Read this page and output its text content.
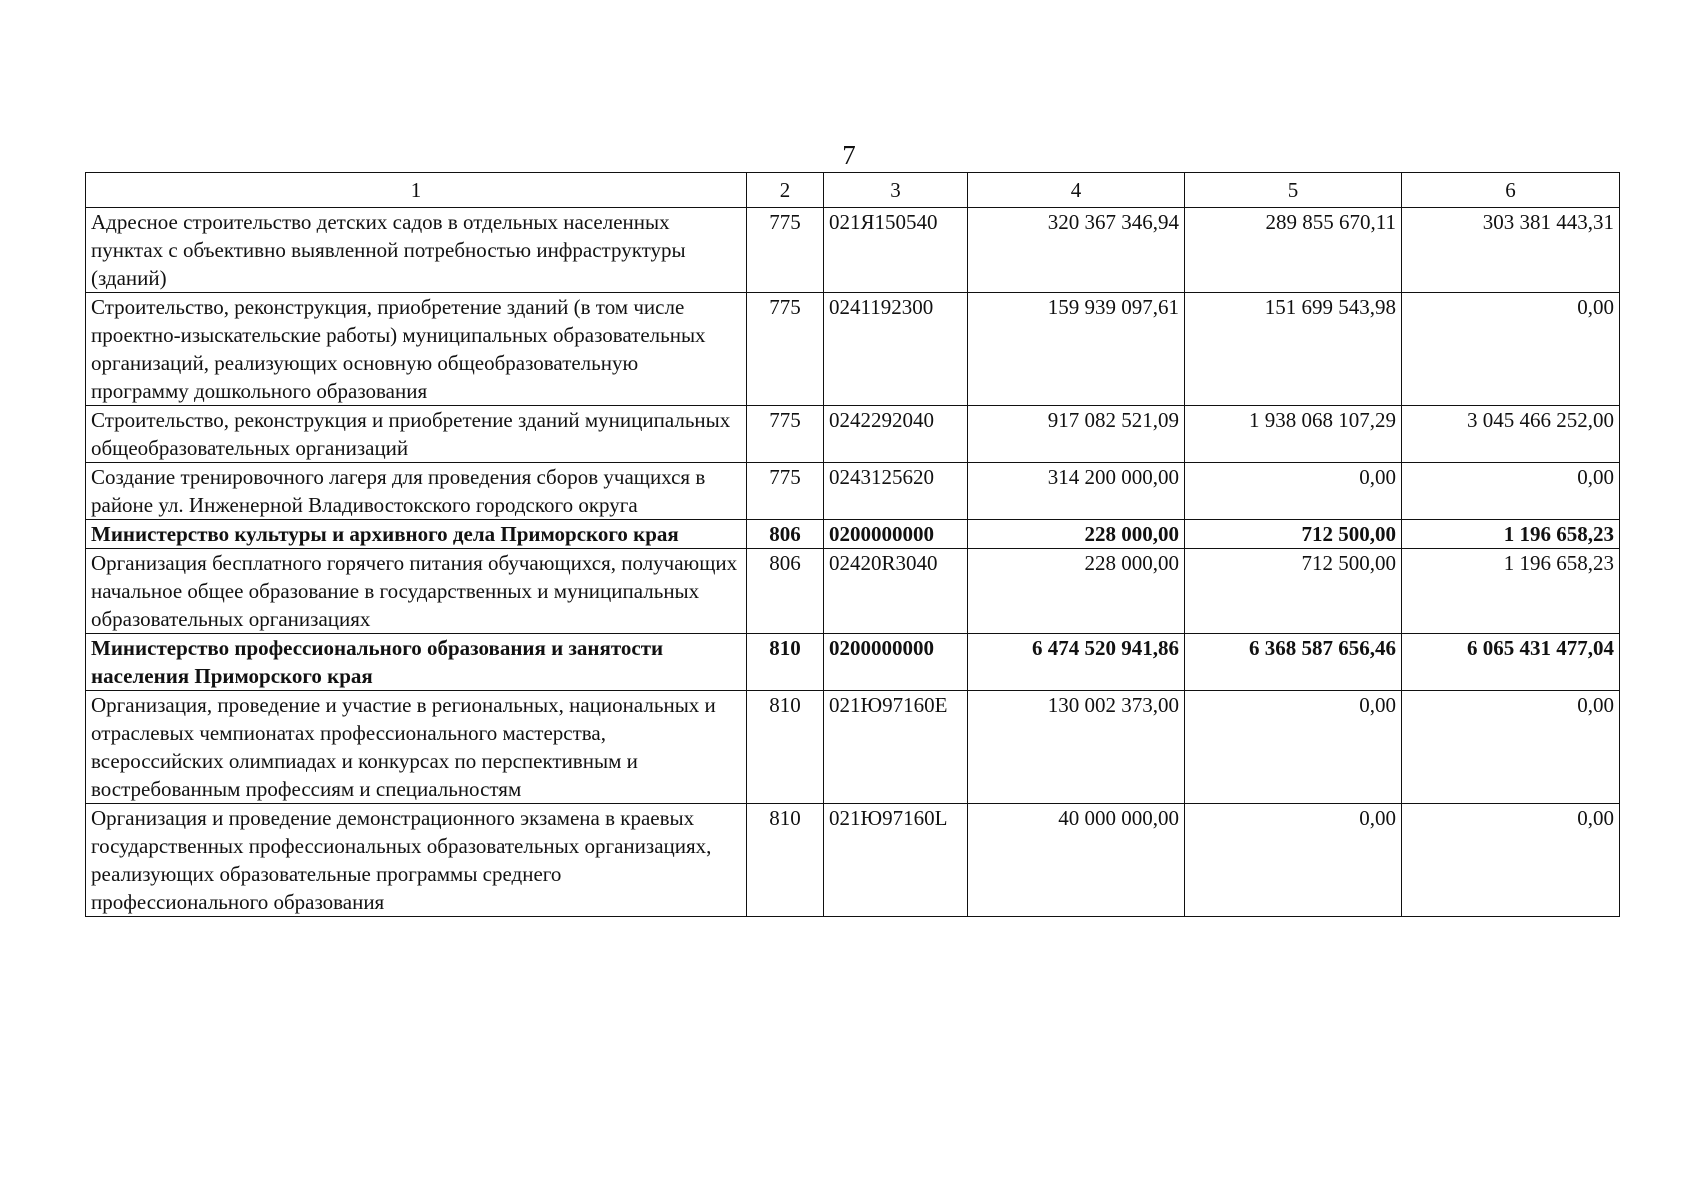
7
1	2	3	4	5	6
Адресное строительство детских садов в отдельных населенных пунктах с объективно выявленной потребностью инфраструктуры (зданий)	775	021Я150540	320 367 346,94	289 855 670,11	303 381 443,31
Строительство, реконструкция, приобретение зданий (в том числе проектно-изыскательские работы) муниципальных образовательных организаций, реализующих основную общеобразовательную программу дошкольного образования	775	0241192300	159 939 097,61	151 699 543,98	0,00
Строительство, реконструкция и приобретение зданий муниципальных общеобразовательных организаций	775	0242292040	917 082 521,09	1 938 068 107,29	3 045 466 252,00
Создание тренировочного лагеря для проведения сборов учащихся в районе ул. Инженерной Владивостокского городского округа	775	0243125620	314 200 000,00	0,00	0,00
Министерство культуры и архивного дела Приморского края	806	0200000000	228 000,00	712 500,00	1 196 658,23
Организация бесплатного горячего питания обучающихся, получающих начальное общее образование в государственных и муниципальных образовательных организациях	806	02420R3040	228 000,00	712 500,00	1 196 658,23
Министерство профессионального образования и занятости населения Приморского края	810	0200000000	6 474 520 941,86	6 368 587 656,46	6 065 431 477,04
Организация, проведение и участие в региональных, национальных и отраслевых чемпионатах профессионального мастерства, всероссийских олимпиадах и конкурсах по перспективным и востребованным профессиям и специальностям	810	021Ю97160E	130 002 373,00	0,00	0,00
Организация и проведение демонстрационного экзамена в краевых государственных профессиональных образовательных организациях, реализующих образовательные программы среднего профессионального образования	810	021Ю97160L	40 000 000,00	0,00	0,00
